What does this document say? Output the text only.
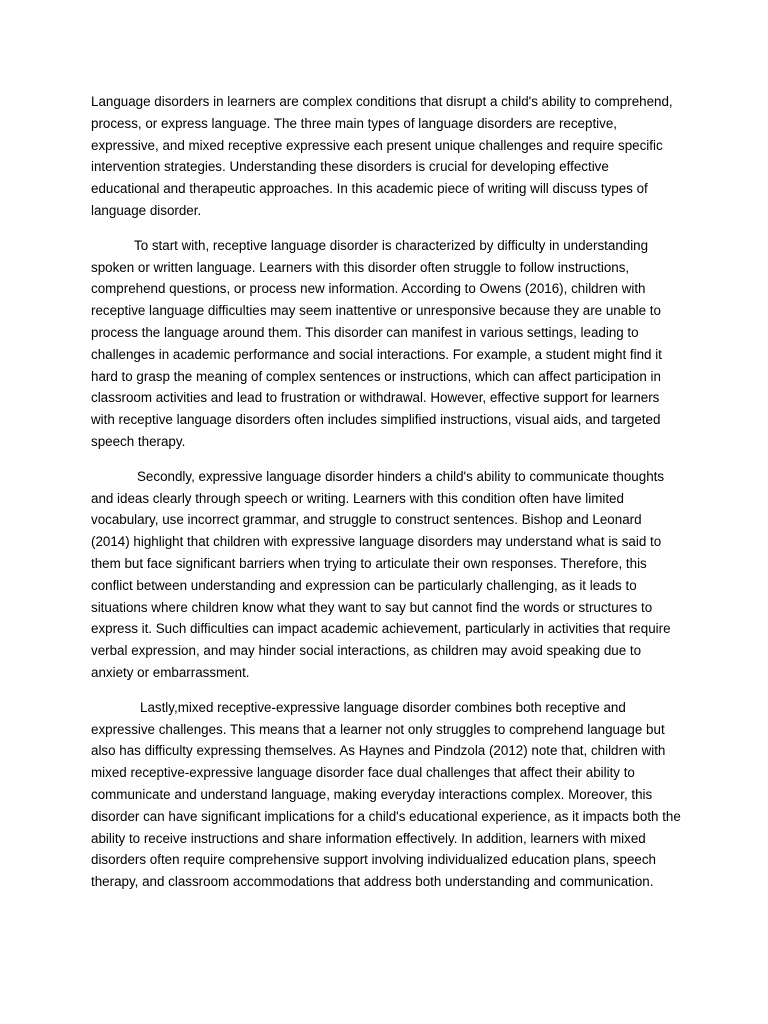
Language disorders in learners are complex conditions that disrupt a child's ability to comprehend, process, or express language. The three main types of language disorders are receptive, expressive, and mixed receptive expressive each present unique challenges and require specific intervention strategies. Understanding these disorders is crucial for developing effective educational and therapeutic approaches. In this academic piece of writing will discuss types of language disorder.

To start with, receptive language disorder is characterized by difficulty in understanding spoken or written language. Learners with this disorder often struggle to follow instructions, comprehend questions, or process new information. According to Owens (2016), children with receptive language difficulties may seem inattentive or unresponsive because they are unable to process the language around them. This disorder can manifest in various settings, leading to challenges in academic performance and social interactions. For example, a student might find it hard to grasp the meaning of complex sentences or instructions, which can affect participation in classroom activities and lead to frustration or withdrawal. However, effective support for learners with receptive language disorders often includes simplified instructions, visual aids, and targeted speech therapy.

Secondly, expressive language disorder hinders a child's ability to communicate thoughts and ideas clearly through speech or writing. Learners with this condition often have limited vocabulary, use incorrect grammar, and struggle to construct sentences. Bishop and Leonard (2014) highlight that children with expressive language disorders may understand what is said to them but face significant barriers when trying to articulate their own responses. Therefore, this conflict between understanding and expression can be particularly challenging, as it leads to situations where children know what they want to say but cannot find the words or structures to express it. Such difficulties can impact academic achievement, particularly in activities that require verbal expression, and may hinder social interactions, as children may avoid speaking due to anxiety or embarrassment.

Lastly,mixed receptive-expressive language disorder combines both receptive and expressive challenges. This means that a learner not only struggles to comprehend language but also has difficulty expressing themselves. As Haynes and Pindzola (2012) note that, children with mixed receptive-expressive language disorder face dual challenges that affect their ability to communicate and understand language, making everyday interactions complex. Moreover, this disorder can have significant implications for a child's educational experience, as it impacts both the ability to receive instructions and share information effectively. In addition, learners with mixed disorders often require comprehensive support involving individualized education plans, speech therapy, and classroom accommodations that address both understanding and communication.
